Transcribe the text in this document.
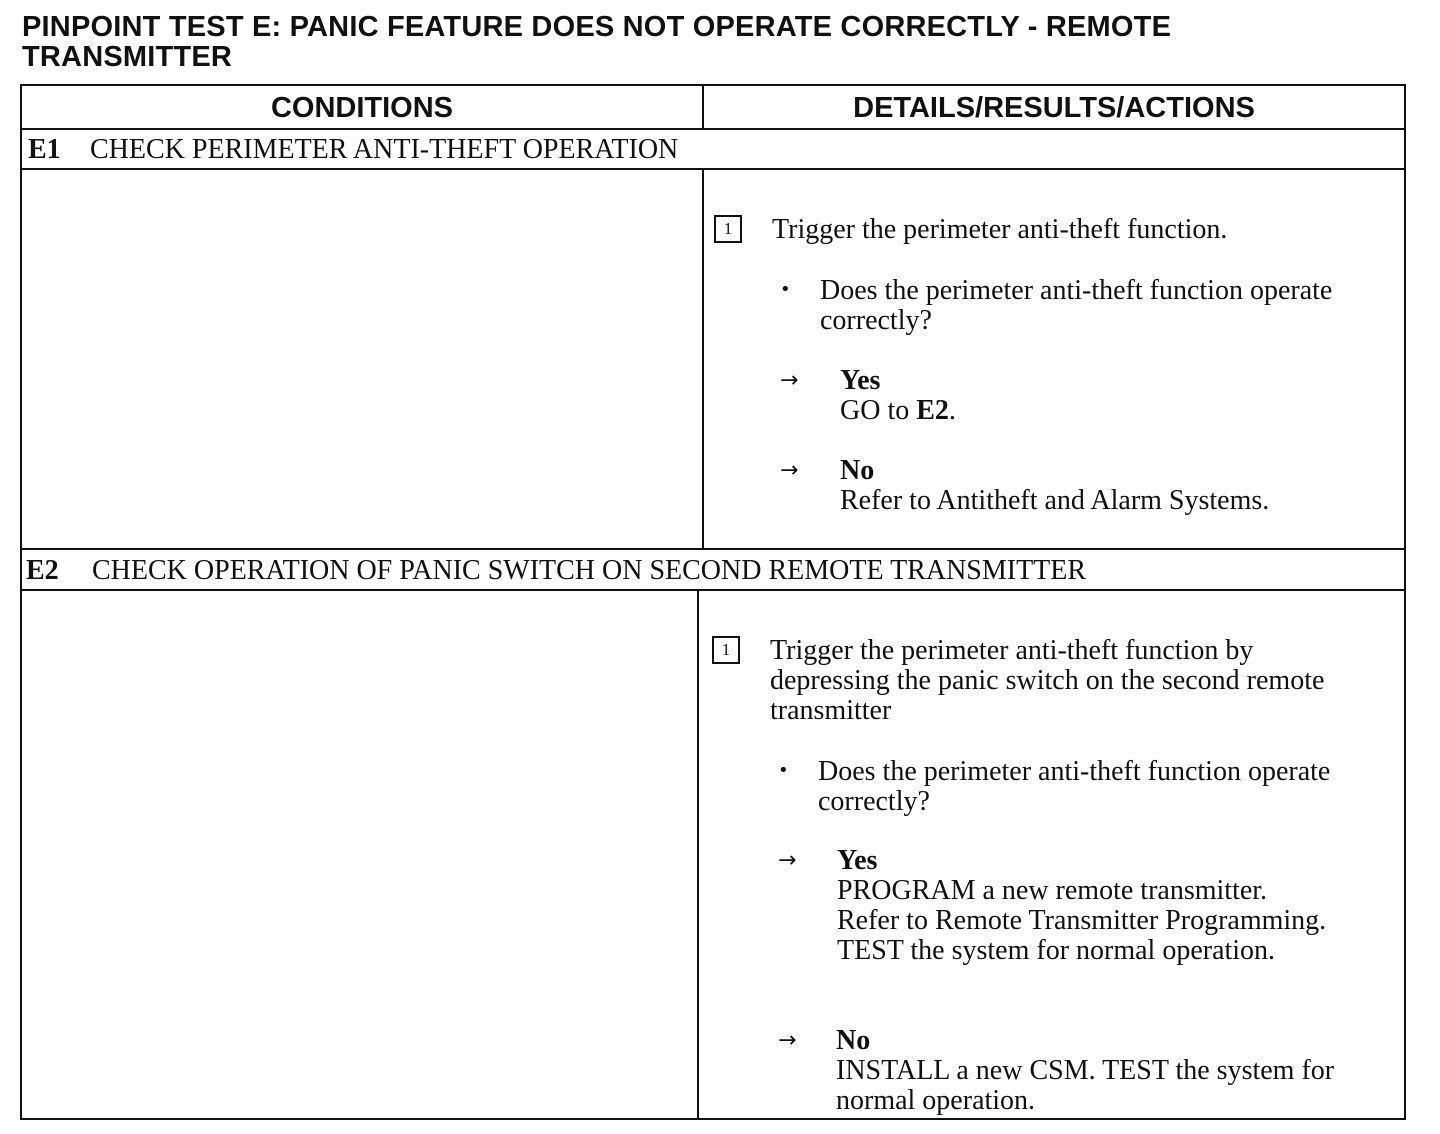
PINPOINT TEST E: PANIC FEATURE DOES NOT OPERATE CORRECTLY - REMOTE
TRANSMITTER
CONDITIONS	DETAILS/RESULTS/ACTIONS
E1 CHECK PERIMETER ANTI-THEFT OPERATION
1	Trigger the perimeter anti-theft function.
• Does the perimeter anti-theft function operate
correctly?
→ Yes
GO to E2.
→ No
Refer to Antitheft and Alarm Systems.
E2 CHECK OPERATION OF PANIC SWITCH ON SECOND REMOTE TRANSMITTER
1	Trigger the perimeter anti-theft function by
depressing the panic switch on the second remote
transmitter
• Does the perimeter anti-theft function operate
correctly?
→ Yes
PROGRAM a new remote transmitter.
Refer to Remote Transmitter Programming.
TEST the system for normal operation.
→ No
INSTALL a new CSM. TEST the system for
normal operation.
